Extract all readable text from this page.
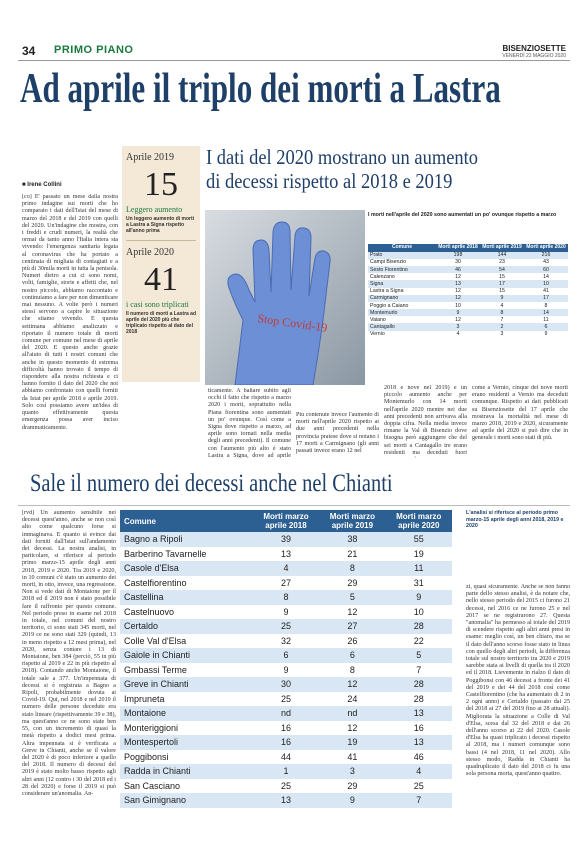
34 PRIMO PIANO	BISENZIOSETTE
VENERDÌ 22 MAGGIO 2020
Ad aprile il triplo dei morti a Lastra
■ Irene Collini
[co] E' passato un mese dalla nostra primo indagine sui morti che ho comparato i dati dell'Istat del mese di marzo del 2018 e del 2019 con quelli del 2020. Un'indagine che mostra, con i freddi e crudi numeri, la realtà che ormai da tanto anno l'Italia intera sta vivendo: l'emergenza sanitaria legata al coronavirus che ha portato a centinaia di migliaia di contagiati e a più di 30mila morti in tutta la penisola. Numeri dietro a cui ci sono nomi, volti, famiglie, storie e affetti che, nel nostro piccolo, abbiamo raccontato e continuiamo a fare per non dimenticare mai nessuno. A volte però i numeri stessi servono a capire le situazione che stiamo vivendo. E questa settimana abbiamo analizzato e riportato il numero totale di morti comune per comune nel mese di aprile del 2020. E questo anche grazie all'aiuto di tutti i nostri comuni che anche in questo momento di estrema difficoltà hanno trovato il tempo di rispondere alla nostra richiesta e ci hanno fornito il dato del 2020 che noi abbiamo confrontato con quelli forniti da Istat per aprile 2018 e aprile 2019. Solo così possiamo avere un'idea di quanto effettivamente questa emergenza possa aver inciso drammaticamente.
Aprile 2019
15
Leggero aumento
Un leggero aumento di morti a Lastra a Signa rispetto all'anno prima
Aprile 2020
41
i casi sono triplicati
Il numero di morti a Lastra ad aprile del 2020 più che triplicato rispetto al dato del 2018
I dati del 2020 mostrano un aumento
di decessi rispetto al 2018 e 2019
Stop Covid-19
I morti nell'aprile del 2020 sono aumentati un po' ovunque rispetto a marzo
Comune	Morti aprile 2018	Morti aprile 2019	Morti aprile 2020
Prato	198	144	216
Campi Bisenzio	30	23	43
Sesto Fiorentino	46	54	60
Calenzano	12	15	14
Signa	13	17	10
Lastra a Signa	12	15	41
Carmignano	12	9	17
Poggio a Caiano	10	4	8
Montemurlo	9	8	14
Vaiano	12	7	11
Cantagallo	3	2	6
Vernio	4	3	9
ticamente. A baltare subito agli occhi il fatto che rispetto a marzo 2020 i morti, soprattutto nella Piana fiorentina sono aumentati un po' ovunque. Così come a Signa dove rispetto a marzo, ad aprile sono tornati nella media degli anni precedenti). Il comune con l'aumento più alto è stato Lastra a Signa, dove ad aprile
Più contenute invece l'aumento di morti nell'aprile 2020 rispetto ai due anni precedenti nella provincia pratese dove si notano i 17 morti a Carmignano (gli anni passati invece erano 12 nel
2018 e nove nel 2019) e un piccolo aumento anche per Montemurlo con 14 morti nell'aprile 2020 mentre nei due anni precedenti non arrivava alla doppia cifra. Nella media invece rimane la Val di Bisenzio dove bisogna però aggiungere che del sei morti a Cantagallo tre erano residenti ma deceduti fuori
come a Vernio, cinque dei nove morti erano residenti a Vernio ma deceduti comunque. Rispetto ai dati pubblicati su Bisenziosette del 17 aprile che mostrava la mortalità nel mese di marzo 2018, 2019 e 2020, sicuramente ad aprile del 2020 si può dire che in generale i morti sono stati di più.
Sale il numero dei decessi anche nel Chianti
[rvd] Un aumento sensibile nei decessi quest'anno, anche se non così alto come qualcuno forse si immaginava. E quanto si evince dai dati forniti dall'Istat sull'andamento dei decessi. La nostra analisi, in particolare, si riferisce al periodo primo marzo-15 aprile degli anni 2018, 2019 e 2020. Tra 2019 e 2020, in 10 comuni c'è stato un aumento dei morti, in otto, invece, una regressione. Non si vede dati di Montaione per il 2018 ed il 2019 non è stato possibile fare il raffronto per questo comune. Nel periodo preso in esame nel 2018 in totale, nel comuni del nostro territorio, ci sono stati 345 morti, nel 2019 ce ne sono stati 329 (quindi, 13 in meno rispetto a 12 mesi prima), nel 2020, senza contare i 13 di Montaione, ben 384 (perciò, 55 in più rispetto al 2019 e 22 in più rispetto al 2018). Contando anche Montaione, il totale sale a 377. Un'impennata di decessi si è registrata a Bagno a Ripoli, probabilmente dovuta ai Covid-19. Qui, nel 2018 e nel 2019 il numero delle persone decedute era stato lineare (rispettivamente 39 e 38), ma quest'anno ce ne sono state ben 55, con un incremento di quasi la metà rispetto a dodici mesi prima. Altra impennata si è verificata a Greve in Chianti, anche se il valore del 2020 è di poco inferiore a quello del 2018. Il numero di decessi del 2019 è stato molto basso rispetto agli altri anni (12 contro i 30 del 2018 ed i 28 del 2020) e forse il 2019 si può considerare un'anomalia. An-
Comune	Morti marzo aprile 2018	Morti marzo aprile 2019	Morti marzo aprile 2020
Bagno a Ripoli	39	38	55
Barberino Tavarnelle	13	21	19
Casole d'Elsa	4	8	11
Castelfiorentino	27	29	31
Castellina	8	5	9
Castelnuovo	9	12	10
Certaldo	25	27	28
Colle Val d'Elsa	32	26	22
Gaiole in Chianti	6	6	5
Gmbassi Terme	9	8	7
Greve in Chianti	30	12	28
Impruneta	25	24	28
Montaione	nd	nd	13
Monteriggioni	16	12	16
Montespertoli	16	19	13
Poggibonsi	44	41	46
Radda in Chianti	1	3	4
San Casciano	25	29	25
San Gimignano	13	9	7
L'analisi si riferisce al periodo primo marzo-15 aprile degli anni 2018, 2019 e 2020
zi, quasi sicuramente. Anche se non fanno parte dello stesso analisi, è da notare che, nello stesso periodo del 2015 ci furono 21 decessi, nel 2016 ce ne furono 25 e nel 2017 se ne registrarono 27. Questa "anomalia" ha permesso al totale del 2019 di scendere rispetto agli altri anni presi in esame: meglio così, un ben chiaro, ma se il dato dell'anno scorso fosse stato in linea con quello degli altri periodi, la differenza totale sul nostro territorio tra 2020 e 2019 sarebbe stata ai livelli di quella tra il 2020 ed il 2018. Lievemente in rialzo il dato di Poggibonsi con 46 decessi a fronte dei 41 del 2019 e dei 44 del 2018 così come Castelfiorentino (che ha aumentato di 2 in 2 ogni anno) e Certaldo (passato dai 25 del 2018 ai 27 del 2019 fino ai 28 attuali). Migliorata la situazione a Colle di Val d'Elsa, scesa dal 32 del 2018 e dai 26 dell'anno scorso ai 22 del 2020. Casole d'Elsa ha quasi triplicato i decessi rispetto al 2018, ma i numeri comunque sono bassi (4 nel 2018, 11 nel 2020). Allo stesso modo, Radda in Chianti ha quadruplicato il dato del 2018 ci fu una sola persona morta, quest'anno quattro.
